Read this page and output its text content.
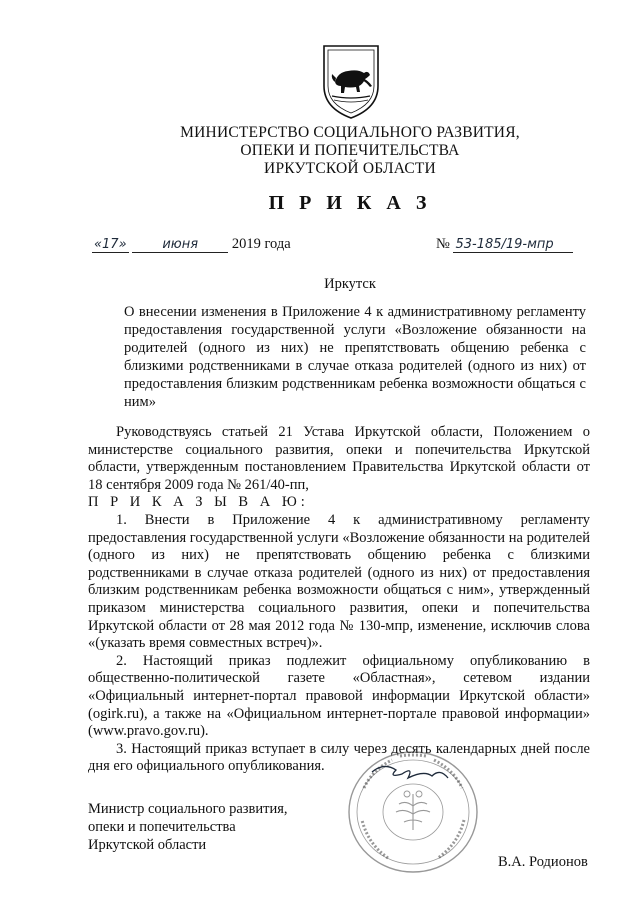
МИНИСТЕРСТВО СОЦИАЛЬНОГО РАЗВИТИЯ,
ОПЕКИ И ПОПЕЧИТЕЛЬСТВА
ИРКУТСКОЙ ОБЛАСТИ
П Р И К А З
«17»	июня 2019 года	№ 53-185/19-мпр
Иркутск
О внесении изменения в Приложение 4 к административному регламенту предоставления государственной услуги «Возложение обязанности на родителей (одного из них) не препятствовать общению ребенка с близкими родственниками в случае отказа родителей (одного из них) от предоставления близким родственникам ребенка возможности общаться с ним»

Руководствуясь статьей 21 Устава Иркутской области, Положением о министерстве социального развития, опеки и попечительства Иркутской области, утвержденным постановлением Правительства Иркутской области от 18 сентября 2009 года № 261/40-пп,

П Р И К А З Ы В А Ю:

1. Внести в Приложение 4 к административному регламенту предоставления государственной услуги «Возложение обязанности на родителей (одного из них) не препятствовать общению ребенка с близкими родственниками в случае отказа родителей (одного из них) от предоставления близким родственникам ребенка возможности общаться с ним», утвержденный приказом министерства социального развития, опеки и попечительства Иркутской области от 28 мая 2012 года № 130-мпр, изменение, исключив слова «(указать время совместных встреч)».

2. Настоящий приказ подлежит официальному опубликованию в общественно-политической газете «Областная», сетевом издании «Официальный интернет-портал правовой информации Иркутской области» (ogirk.ru), а также на «Официальном интернет-портале правовой информации» (www.pravo.gov.ru).

3. Настоящий приказ вступает в силу через десять календарных дней после дня его официального опубликования.

Министр социального развития,
опеки и попечительства
Иркутской области
В.А. Родионов
